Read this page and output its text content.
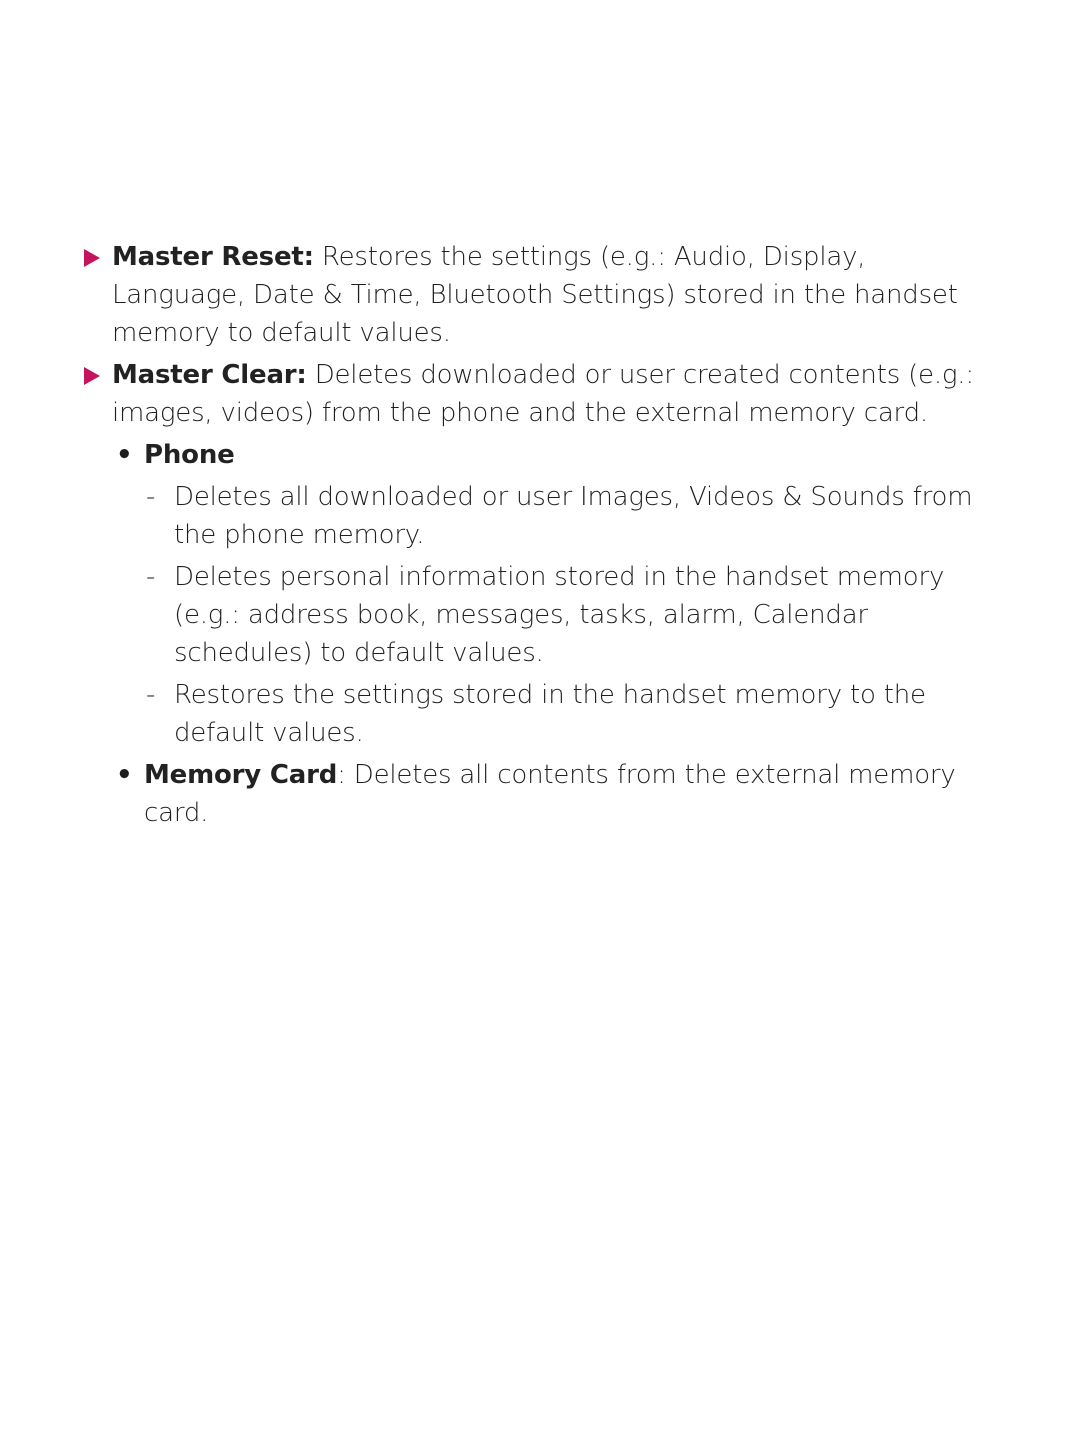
Master Reset: Restores the settings (e.g.: Audio, Display, Language, Date & Time, Bluetooth Settings) stored in the handset memory to default values.
Master Clear: Deletes downloaded or user created contents (e.g.: images, videos) from the phone and the external memory card.
• Phone
- Deletes all downloaded or user Images, Videos & Sounds from the phone memory.
- Deletes personal information stored in the handset memory (e.g.: address book, messages, tasks, alarm, Calendar schedules) to default values.
- Restores the settings stored in the handset memory to the default values.
• Memory Card: Deletes all contents from the external memory card.
